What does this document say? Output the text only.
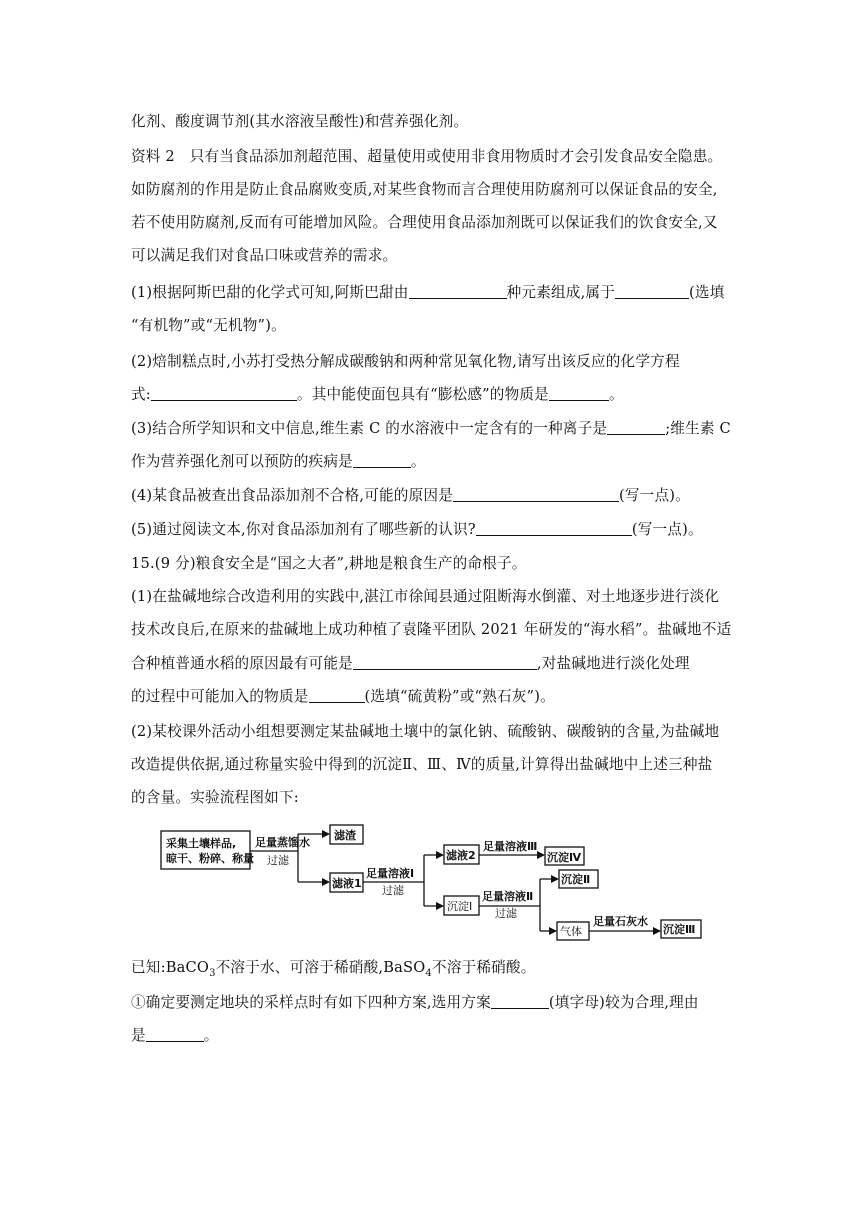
化剂、酸度调节剂(其水溶液呈酸性)和营养强化剂。
资料 2　只有当食品添加剂超范围、超量使用或使用非食用物质时才会引发食品安全隐患。
如防腐剂的作用是防止食品腐败变质,对某些食物而言合理使用防腐剂可以保证食品的安全,
若不使用防腐剂,反而有可能增加风险。合理使用食品添加剂既可以保证我们的饮食安全,又
可以满足我们对食品口味或营养的需求。
(1)根据阿斯巴甜的化学式可知,阿斯巴甜由	种元素组成,属于	(选填
“有机物”或“无机物”)。
(2)焙制糕点时,小苏打受热分解成碳酸钠和两种常见氧化物,请写出该反应的化学方程
式:	。其中能使面包具有“膨松感”的物质是	。
(3)结合所学知识和文中信息,维生素 C 的水溶液中一定含有的一种离子是	;维生素 C
作为营养强化剂可以预防的疾病是	。
(4)某食品被查出食品添加剂不合格,可能的原因是	(写一点)。
(5)通过阅读文本,你对食品添加剂有了哪些新的认识?	(写一点)。
15.(9 分)粮食安全是“国之大者”,耕地是粮食生产的命根子。
(1)在盐碱地综合改造利用的实践中,湛江市徐闻县通过阻断海水倒灌、对土地逐步进行淡化
技术改良后,在原来的盐碱地上成功种植了袁隆平团队 2021 年研发的“海水稻”。盐碱地不适
合种植普通水稻的原因最有可能是	,对盐碱地进行淡化处理
的过程中可能加入的物质是	(选填“硫黄粉”或“熟石灰”)。
(2)某校课外活动小组想要测定某盐碱地土壤中的氯化钠、硫酸钠、碳酸钠的含量,为盐碱地
改造提供依据,通过称量实验中得到的沉淀Ⅱ、Ⅲ、Ⅳ的质量,计算得出盐碱地中上述三种盐
的含量。实验流程图如下:
采集土壤样品,
晾干、粉碎、称量
足量蒸馏水
过滤
滤渣
滤液1
足量溶液Ⅰ
过滤
滤液2
沉淀Ⅰ
足量溶液Ⅲ
沉淀Ⅳ
足量溶液Ⅱ
过滤
沉淀Ⅱ
气体
足量石灰水
沉淀Ⅲ
已知:BaCO$_3$不溶于水、可溶于稀硝酸,BaSO$_4$不溶于稀硝酸。
①确定要测定地块的采样点时有如下四种方案,选用方案	(填字母)较为合理,理由
是	。
